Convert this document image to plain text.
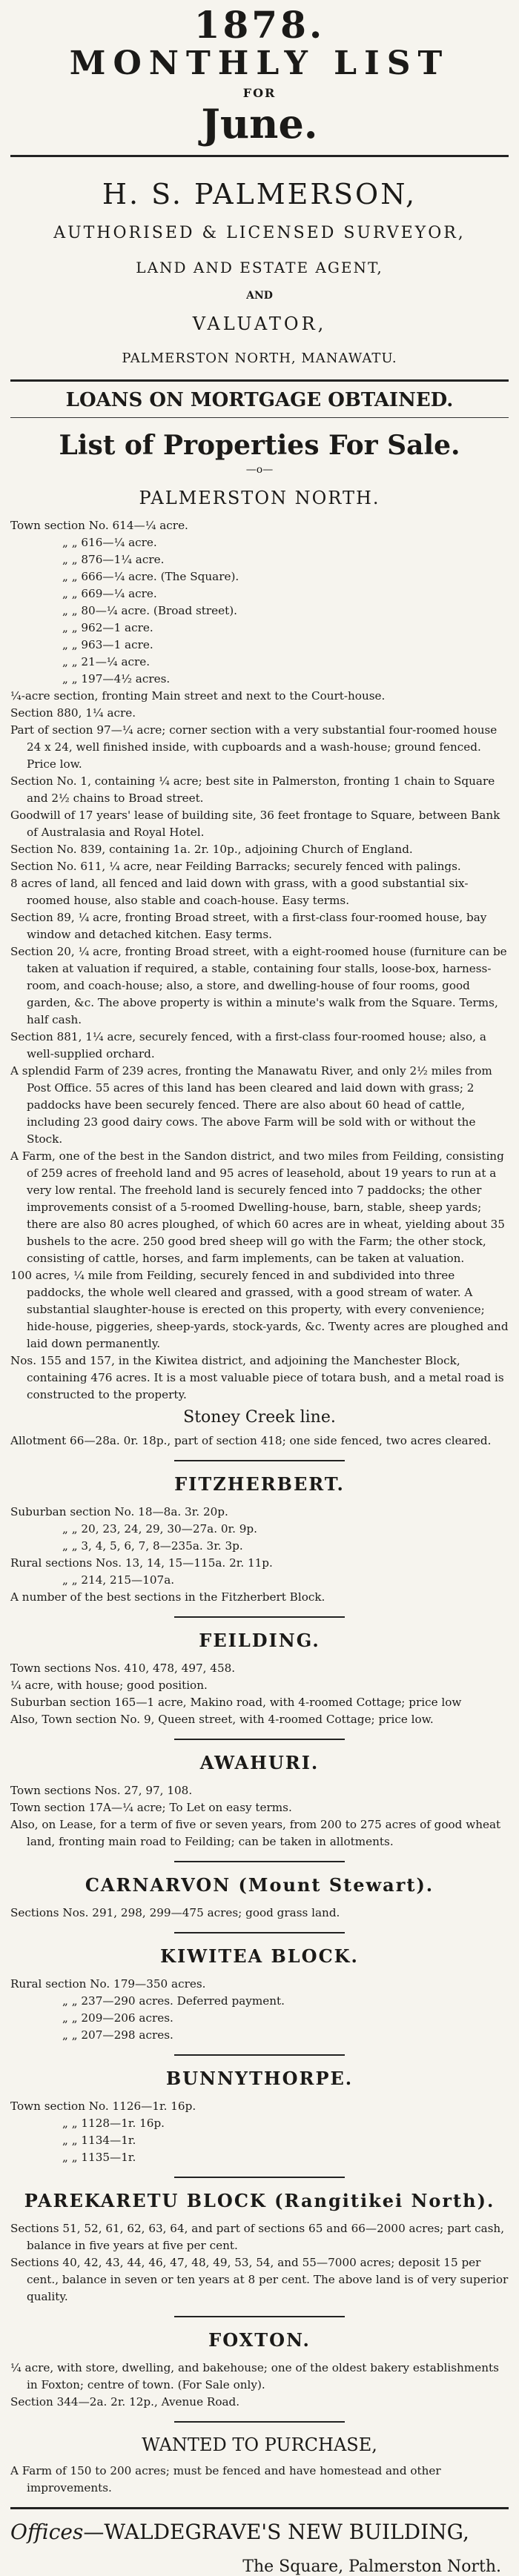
1878.
MONTHLY LIST
FOR
June.
H. S. PALMERSON,
AUTHORISED & LICENSED SURVEYOR,
LAND AND ESTATE AGENT,
AND
VALUATOR,
PALMERSTON NORTH, MANAWATU.
LOANS ON MORTGAGE OBTAINED.
List of Properties For Sale.
—o—
PALMERSTON NORTH.
Town section No. 614—¼ acre.
„ „ 616—¼ acre.
„ „ 876—1¼ acre.
„ „ 666—¼ acre. (The Square).
„ „ 669—¼ acre.
„ „ 80—¼ acre. (Broad street).
„ „ 962—1 acre.
„ „ 963—1 acre.
„ „ 21—¼ acre.
„ „ 197—4½ acres.
¼-acre section, fronting Main street and next to the Court-house.
Section 880, 1¼ acre.
Part of section 97—¼ acre; corner section with a very substantial four-roomed house 24 x 24, well finished inside, with cupboards and a wash-house; ground fenced. Price low.
Section No. 1, containing ¼ acre; best site in Palmerston, fronting 1 chain to Square and 2½ chains to Broad street.
Goodwill of 17 years' lease of building site, 36 feet frontage to Square, between Bank of Australasia and Royal Hotel.
Section No. 839, containing 1a. 2r. 10p., adjoining Church of England.
Section No. 611, ¼ acre, near Feilding Barracks; securely fenced with palings.
8 acres of land, all fenced and laid down with grass, with a good substantial six-roomed house, also stable and coach-house. Easy terms.
Section 89, ¼ acre, fronting Broad street, with a first-class four-roomed house, bay window and detached kitchen. Easy terms.
Section 20, ¼ acre, fronting Broad street, with a eight-roomed house (furniture can be taken at valuation if required, a stable, containing four stalls, loose-box, harness-room, and coach-house; also, a store, and dwelling-house of four rooms, good garden, &c. The above property is within a minute's walk from the Square. Terms, half cash.
Section 881, 1¼ acre, securely fenced, with a first-class four-roomed house; also, a well-supplied orchard.
A splendid Farm of 239 acres, fronting the Manawatu River, and only 2½ miles from Post Office. 55 acres of this land has been cleared and laid down with grass; 2 paddocks have been securely fenced. There are also about 60 head of cattle, including 23 good dairy cows. The above Farm will be sold with or without the Stock.
A Farm, one of the best in the Sandon district, and two miles from Feilding, consisting of 259 acres of freehold land and 95 acres of leasehold, about 19 years to run at a very low rental. The freehold land is securely fenced into 7 paddocks; the other improvements consist of a 5-roomed Dwelling-house, barn, stable, sheep yards; there are also 80 acres ploughed, of which 60 acres are in wheat, yielding about 35 bushels to the acre. 250 good bred sheep will go with the Farm; the other stock, consisting of cattle, horses, and farm implements, can be taken at valuation.
100 acres, ¼ mile from Feilding, securely fenced in and subdivided into three paddocks, the whole well cleared and grassed, with a good stream of water. A substantial slaughter-house is erected on this property, with every convenience; hide-house, piggeries, sheep-yards, stock-yards, &c. Twenty acres are ploughed and laid down permanently.
Nos. 155 and 157, in the Kiwitea district, and adjoining the Manchester Block, containing 476 acres. It is a most valuable piece of totara bush, and a metal road is constructed to the property.
Stoney Creek line.
Allotment 66—28a. 0r. 18p., part of section 418; one side fenced, two acres cleared.
FITZHERBERT.
Suburban section No. 18—8a. 3r. 20p.
„ „ 20, 23, 24, 29, 30—27a. 0r. 9p.
„ „ 3, 4, 5, 6, 7, 8—235a. 3r. 3p.
Rural sections Nos. 13, 14, 15—115a. 2r. 11p.
„ „ 214, 215—107a.
A number of the best sections in the Fitzherbert Block.
FEILDING.
Town sections Nos. 410, 478, 497, 458.
¼ acre, with house; good position.
Suburban section 165—1 acre, Makino road, with 4-roomed Cottage; price low
Also, Town section No. 9, Queen street, with 4-roomed Cottage; price low.
AWAHURI.
Town sections Nos. 27, 97, 108.
Town section 17A—¼ acre; To Let on easy terms.
Also, on Lease, for a term of five or seven years, from 200 to 275 acres of good wheat land, fronting main road to Feilding; can be taken in allotments.
CARNARVON (Mount Stewart).
Sections Nos. 291, 298, 299—475 acres; good grass land.
KIWITEA BLOCK.
Rural section No. 179—350 acres.
„ „ 237—290 acres. Deferred payment.
„ „ 209—206 acres.
„ „ 207—298 acres.
BUNNYTHORPE.
Town section No. 1126—1r. 16p.
„ „ 1128—1r. 16p.
„ „ 1134—1r.
„ „ 1135—1r.
PAREKARETU BLOCK (Rangitikei North).
Sections 51, 52, 61, 62, 63, 64, and part of sections 65 and 66—2000 acres; part cash, balance in five years at five per cent.
Sections 40, 42, 43, 44, 46, 47, 48, 49, 53, 54, and 55—7000 acres; deposit 15 per cent., balance in seven or ten years at 8 per cent. The above land is of very superior quality.
FOXTON.
¼ acre, with store, dwelling, and bakehouse; one of the oldest bakery establishments in Foxton; centre of town. (For Sale only).
Section 344—2a. 2r. 12p., Avenue Road.
WANTED TO PURCHASE,
A Farm of 150 to 200 acres; must be fenced and have homestead and other improvements.
Offices—WALDEGRAVE'S NEW BUILDING,
The Square, Palmerston North.
